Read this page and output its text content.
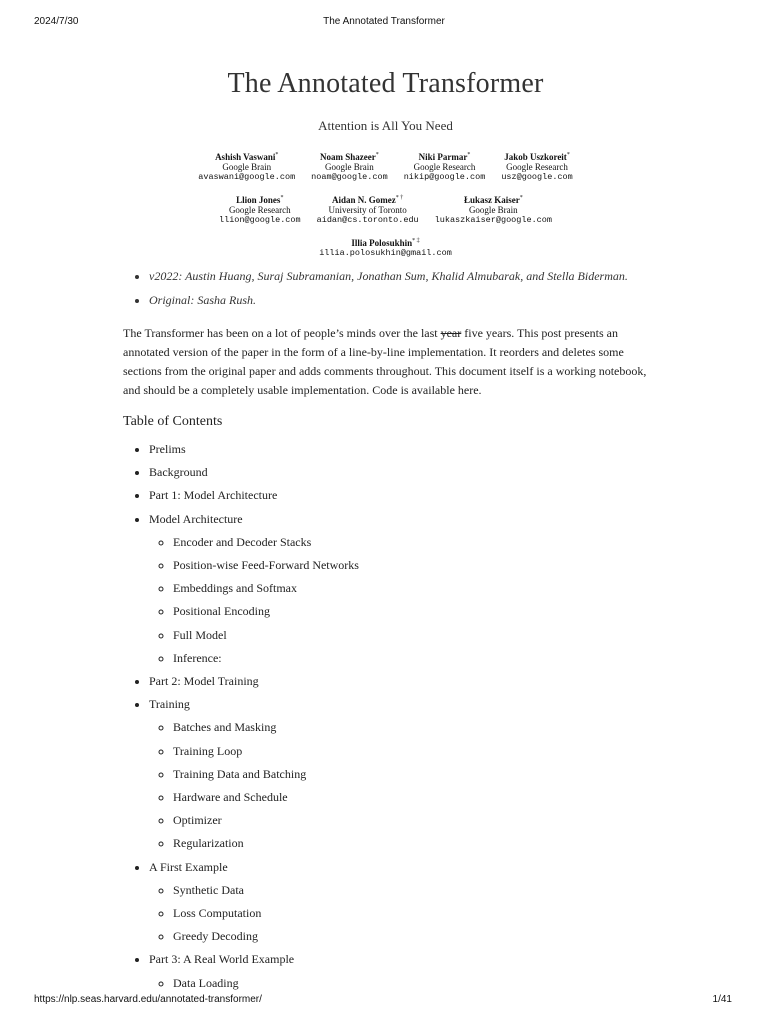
2024/7/30	The Annotated Transformer
The Annotated Transformer
Attention is All You Need
Ashish Vaswani*
Google Brain
avaswani@google.com
Noam Shazeer*
Google Brain
noam@google.com
Niki Parmar*
Google Research
nikip@google.com
Jakob Uszkoreit*
Google Research
usz@google.com
Llion Jones*
Google Research
llion@google.com
Aidan N. Gomez* †
University of Toronto
aidan@cs.toronto.edu
Łukasz Kaiser*
Google Brain
lukaszkaiser@google.com
Illia Polosukhin* ‡
illia.polosukhin@gmail.com
• v2022: Austin Huang, Suraj Subramanian, Jonathan Sum, Khalid Almubarak, and Stella Biderman.
• Original: Sasha Rush.

The Transformer has been on a lot of people’s minds over the last year five years. This post presents an annotated version of the paper in the form of a line-by-line implementation. It reorders and deletes some sections from the original paper and adds comments throughout. This document itself is a working notebook, and should be a completely usable implementation. Code is available here.

Table of Contents
• Prelims
• Background
• Part 1: Model Architecture
• Model Architecture
◦ Encoder and Decoder Stacks
◦ Position-wise Feed-Forward Networks
◦ Embeddings and Softmax
◦ Positional Encoding
◦ Full Model
◦ Inference:
• Part 2: Model Training
• Training
◦ Batches and Masking
◦ Training Loop
◦ Training Data and Batching
◦ Hardware and Schedule
◦ Optimizer
◦ Regularization
• A First Example
◦ Synthetic Data
◦ Loss Computation
◦ Greedy Decoding
• Part 3: A Real World Example
◦ Data Loading
https://nlp.seas.harvard.edu/annotated-transformer/	1/41
